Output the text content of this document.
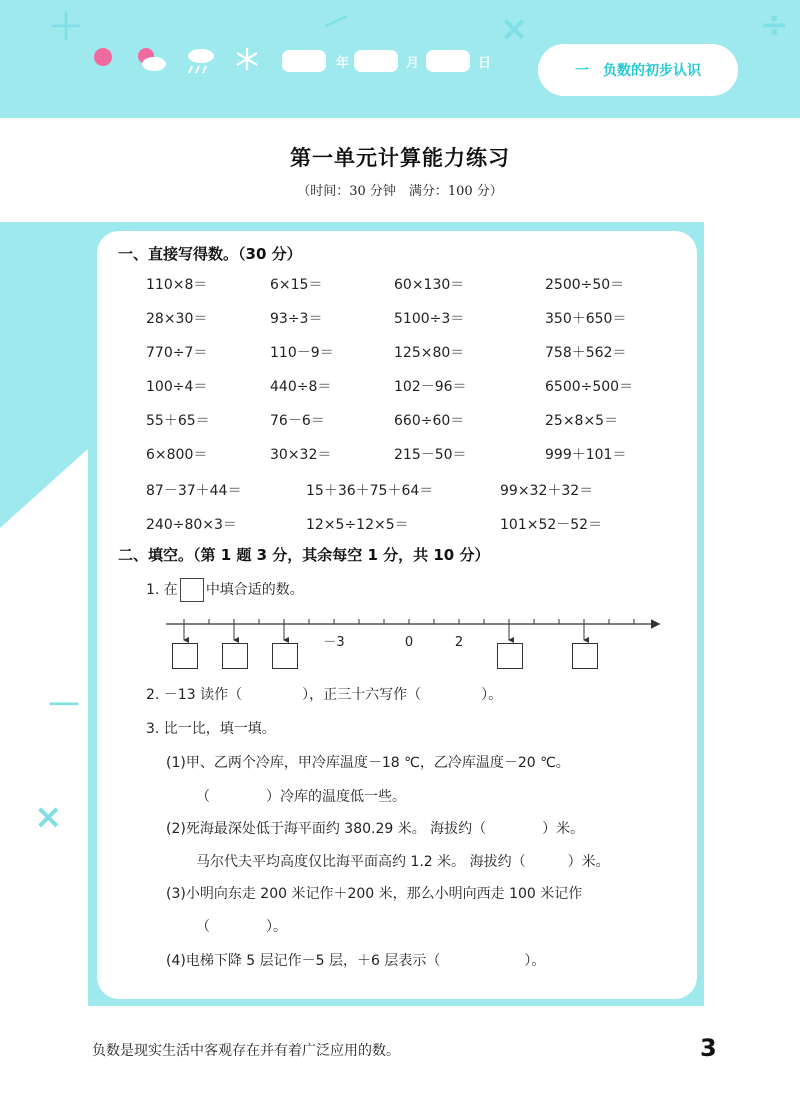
＋	－	×	÷
－
×
年	月	日	一　负数的初步认识
第一单元计算能力练习
（时间：30 分钟　满分：100 分）
一、直接写得数。（30 分）
110×8＝	6×15＝	60×130＝	2500÷50＝
28×30＝	93÷3＝	5100÷3＝	350＋650＝
770÷7＝	110－9＝	125×80＝	758＋562＝
100÷4＝	440÷8＝	102－96＝	6500÷500＝
55＋65＝	76－6＝	660÷60＝	25×8×5＝
6×800＝	30×32＝	215－50＝	999＋101＝
87－37＋44＝	15＋36＋75＋64＝	99×32＋32＝
240÷80×3＝	12×5÷12×5＝	101×52－52＝
二、填空。（第 1 题 3 分，其余每空 1 分，共 10 分）
1. 在 中填合适的数。
－3	0	2
2. －13 读作（	），正三十六写作（	）。
3. 比一比，填一填。
(1)甲、乙两个冷库，甲冷库温度－18 ℃，乙冷库温度－20 ℃。
（　　　　）冷库的温度低一些。
(2)死海最深处低于海平面约 380.29 米。 海拔约（　　　　）米。
马尔代夫平均高度仅比海平面高约 1.2 米。 海拔约（　　　）米。
(3)小明向东走 200 米记作＋200 米，那么小明向西走 100 米记作
（　　　　）。
(4)电梯下降 5 层记作－5 层，＋6 层表示（　　　　　　）。
负数是现实生活中客观存在并有着广泛应用的数。	3
